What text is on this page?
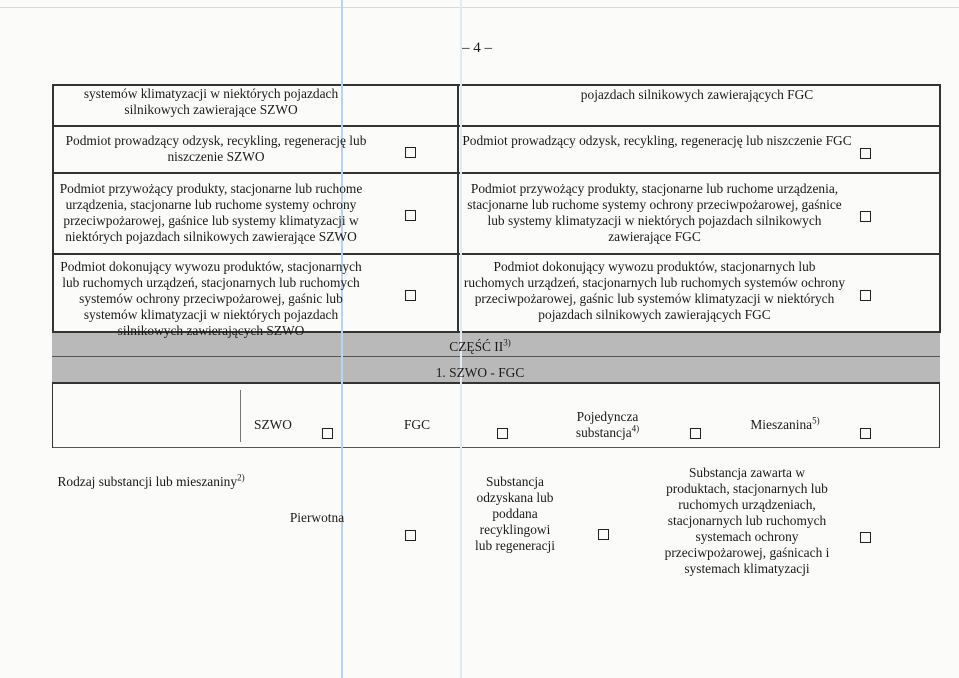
– 4 –
systemów klimatyzacji w niektórych pojazdach silnikowych zawierające SZWO
pojazdach silnikowych zawierających FGC
Podmiot prowadzący odzysk, recykling, regenerację lub niszczenie SZWO
Podmiot prowadzący odzysk, recykling, regenerację lub niszczenie FGC
Podmiot przywożący produkty, stacjonarne lub ruchome urządzenia, stacjonarne lub ruchome systemy ochrony przeciwpożarowej, gaśnice lub systemy klimatyzacji w niektórych pojazdach silnikowych zawierające SZWO
Podmiot przywożący produkty, stacjonarne lub ruchome urządzenia, stacjonarne lub ruchome systemy ochrony przeciwpożarowej, gaśnice lub systemy klimatyzacji w niektórych pojazdach silnikowych zawierające FGC
Podmiot dokonujący wywozu produktów, stacjonarnych lub ruchomych urządzeń, stacjonarnych lub ruchomych systemów ochrony przeciwpożarowej, gaśnic lub systemów klimatyzacji w niektórych pojazdach silnikowych zawierających SZWO
Podmiot dokonujący wywozu produktów, stacjonarnych lub ruchomych urządzeń, stacjonarnych lub ruchomych systemów ochrony przeciwpożarowej, gaśnic lub systemów klimatyzacji w niektórych pojazdach silnikowych zawierających FGC
CZĘŚĆ II$^{3)}$
1. SZWO - FGC
SZWO	FGC
Pojedyncza substancja$^{4)}$	Mieszanina$^{5)}$
Rodzaj substancji lub mieszaniny$^{2)}$
Pierwotna
Substancja odzyskana lub poddana recyklingowi lub regeneracji
Substancja zawarta w produktach, stacjonarnych lub ruchomych urządzeniach, stacjonarnych lub ruchomych systemach ochrony przeciwpożarowej, gaśnicach i systemach klimatyzacji
